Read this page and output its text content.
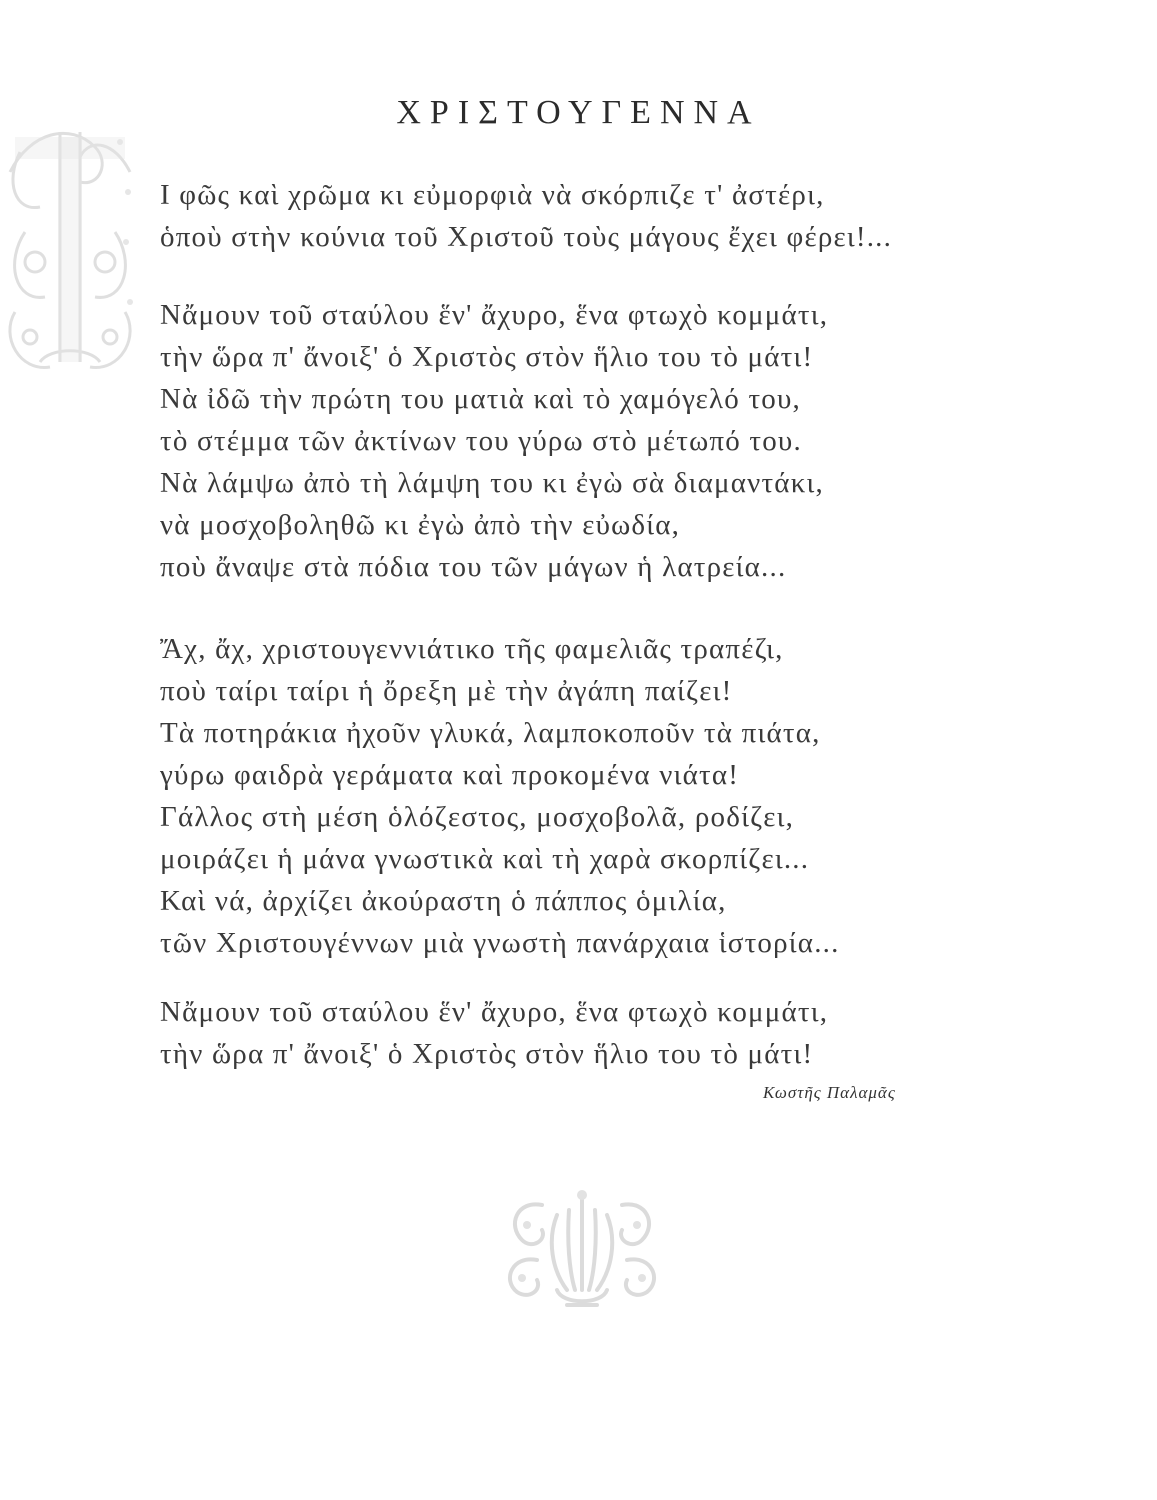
ΧΡΙΣΤΟΥΓΕΝΝΑ
Ι φῶς καὶ χρῶμα κι εὐμορφιὰ νὰ σκόρπιζε τ' ἀστέρι,
ὁποὺ στὴν κούνια τοῦ Χριστοῦ τοὺς μάγους ἔχει φέρει!...
Νἄμουν τοῦ σταύλου ἕν' ἄχυρο, ἕνα φτωχὸ κομμάτι,
τὴν ὥρα π' ἄνοιξ' ὁ Χριστὸς στὸν ἥλιο του τὸ μάτι!
Νὰ ἰδῶ τὴν πρώτη του ματιὰ καὶ τὸ χαμόγελό του,
τὸ στέμμα τῶν ἀκτίνων του γύρω στὸ μέτωπό του.
Νὰ λάμψω ἀπὸ τὴ λάμψη του κι ἐγὼ σὰ διαμαντάκι,
νὰ μοσχοβοληθῶ κι ἐγὼ ἀπὸ τὴν εὐωδία,
ποὺ ἄναψε στὰ πόδια του τῶν μάγων ἡ λατρεία...
Ἄχ, ἄχ, χριστουγεννιάτικο τῆς φαμελιᾶς τραπέζι,
ποὺ ταίρι ταίρι ἡ ὄρεξη μὲ τὴν ἀγάπη παίζει!
Τὰ ποτηράκια ἠχοῦν γλυκά, λαμποκοποῦν τὰ πιάτα,
γύρω φαιδρὰ γεράματα καὶ προκομένα νιάτα!
Γάλλος στὴ μέση ὁλόζεστος, μοσχοβολᾶ, ροδίζει,
μοιράζει ἡ μάνα γνωστικὰ καὶ τὴ χαρὰ σκορπίζει...
Καὶ νά, ἀρχίζει ἀκούραστη ὁ πάππος ὁμιλία,
τῶν Χριστουγέννων μιὰ γνωστὴ πανάρχαια ἱστορία...
Νἄμουν τοῦ σταύλου ἕν' ἄχυρο, ἕνα φτωχὸ κομμάτι,
τὴν ὥρα π' ἄνοιξ' ὁ Χριστὸς στὸν ἥλιο του τὸ μάτι!
Κωστῆς Παλαμᾶς
